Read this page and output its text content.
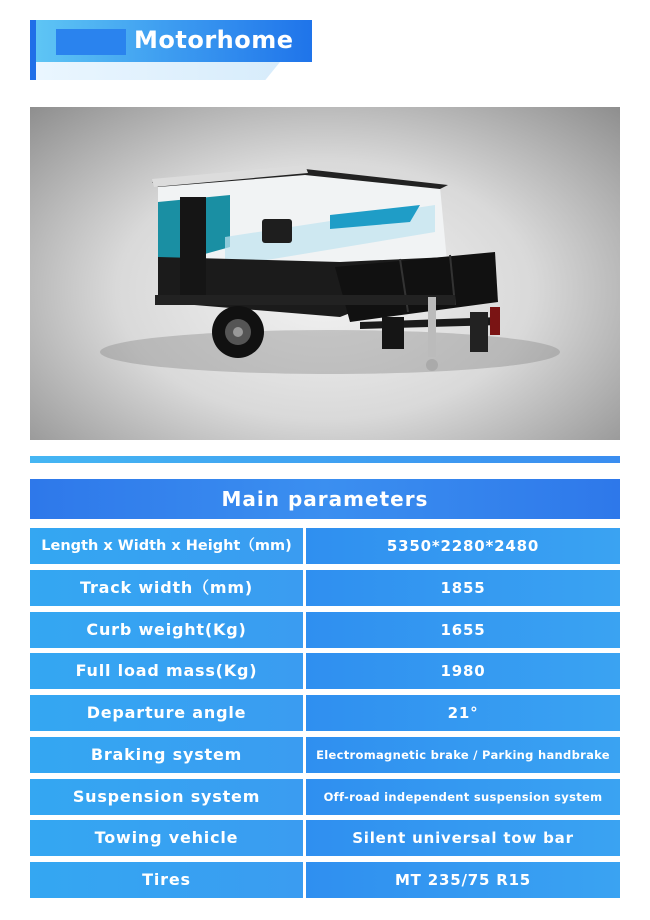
Motorhome
Main parameters
Length x Width x Height（mm)	5350*2280*2480
Track width（mm)	1855
Curb weight(Kg)	1655
Full load mass(Kg)	1980
Departure angle	21°
Braking system	Electromagnetic brake / Parking handbrake
Suspension system	Off-road independent suspension system
Towing vehicle	Silent universal tow bar
Tires	MT 235/75 R15
